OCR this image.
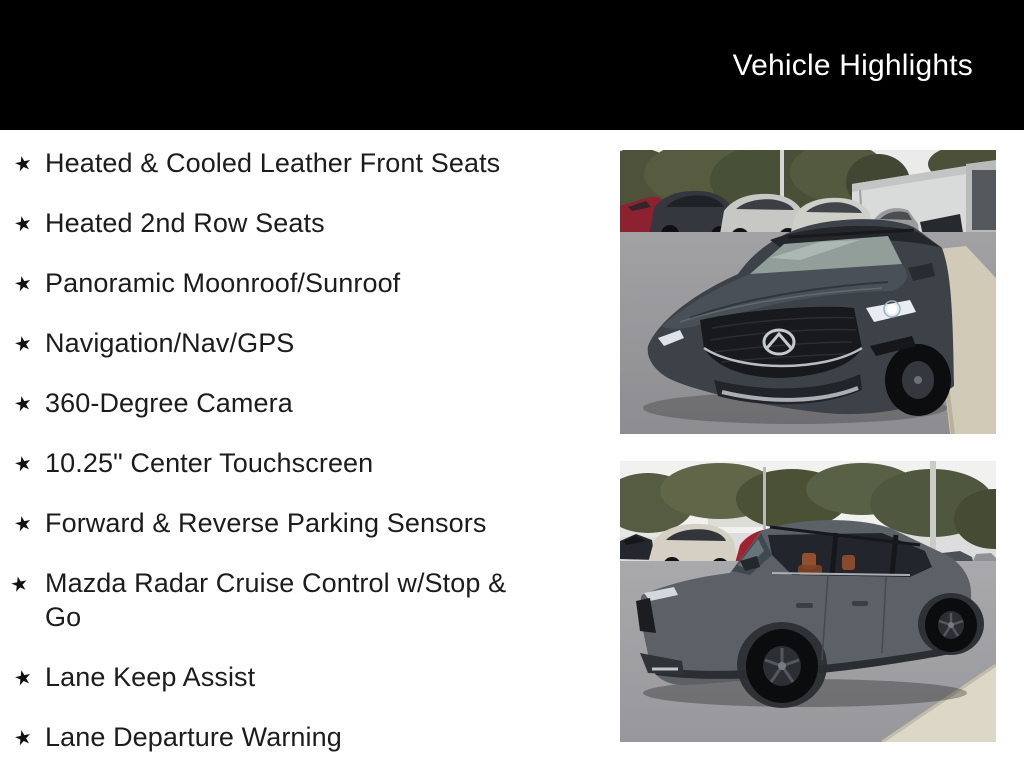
Vehicle Highlights
★ Heated & Cooled Leather Front Seats
★ Heated 2nd Row Seats
★ Panoramic Moonroof/Sunroof
★ Navigation/Nav/GPS
★ 360-Degree Camera
★ 10.25" Center Touchscreen
★ Forward & Reverse Parking Sensors
★ Mazda Radar Cruise Control w/Stop & Go
★ Lane Keep Assist
★ Lane Departure Warning
